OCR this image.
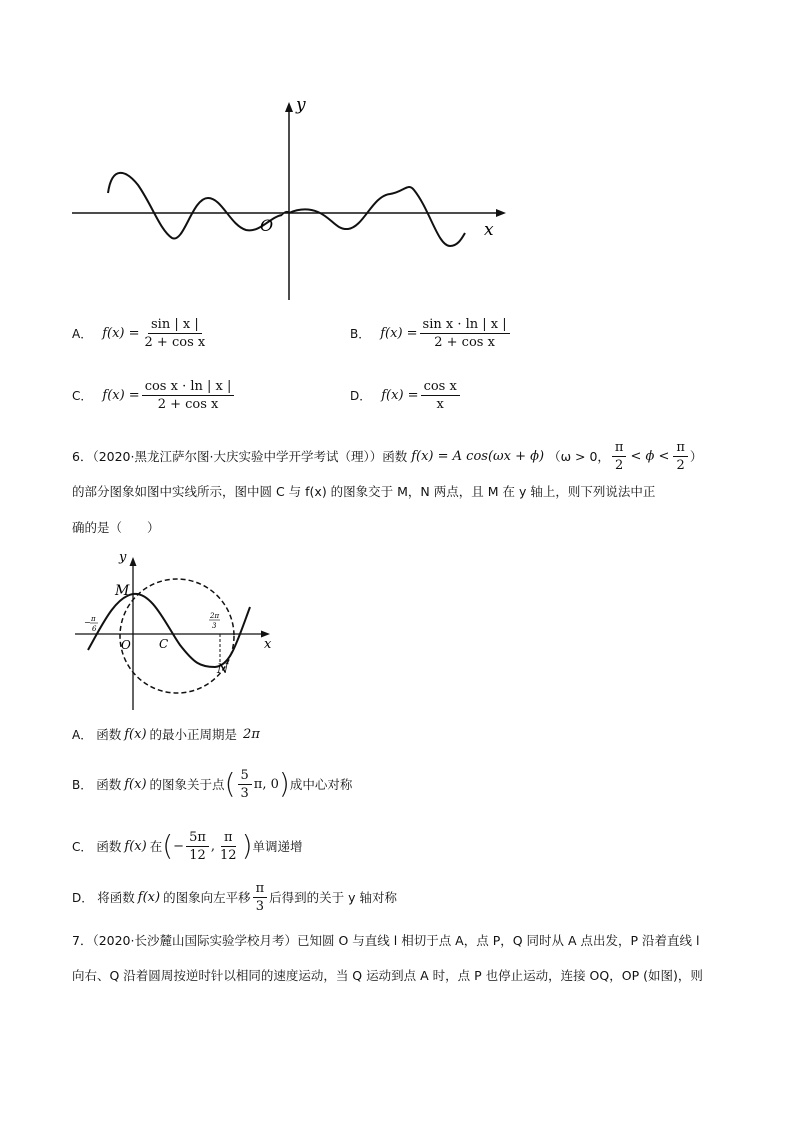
y
x
O
A． $f(x) = \frac{\sin | x |}{\text{2 + cos x}}$	B． $f(x) = \frac{\text{sin x · ln | x |}}{\text{2 + cos x}}$
C． $f(x) = \frac{\text{cos x · ln | x |}}{\text{2 + cos x}}$	D． $f(x) = \frac{\text{cos x}}{x}$
6．（2020·黑龙江萨尔图·大庆实验中学开学考试（理））函数 f(x) = A cos(ωx + ϕ) （ω > 0， $\frac{\pi}{2} < \phi < \frac{\pi}{2}$ ）
的部分图象如图中实线所示，图中圆 C 与 f(x) 的图象交于 M，N 两点，且 M 在 y 轴上，则下列说法中正
确的是（　　）
y
x
M
N
O C
− π
6
2π
3
A． 函数 f(x) 的最小正周期是 2π
B． 函数 f(x) 的图象关于点 ( $\frac{5}{3} \pi$, 0 ) 成中心对称
C． 函数 f(x) 在 ( − $\frac{5\pi}{12}$ , $\frac{\pi}{12}$ ) 单调递增
D． 将函数 f(x) 的图象向左平移 $\frac{\pi}{3}$ 后得到的关于 y 轴对称
7．（2020·长沙麓山国际实验学校月考）已知圆 O 与直线 l 相切于点 A，点 P，Q 同时从 A 点出发，P 沿着直线 l
向右、Q 沿着圆周按逆时针以相同的速度运动，当 Q 运动到点 A 时，点 P 也停止运动，连接 OQ，OP (如图)，则
